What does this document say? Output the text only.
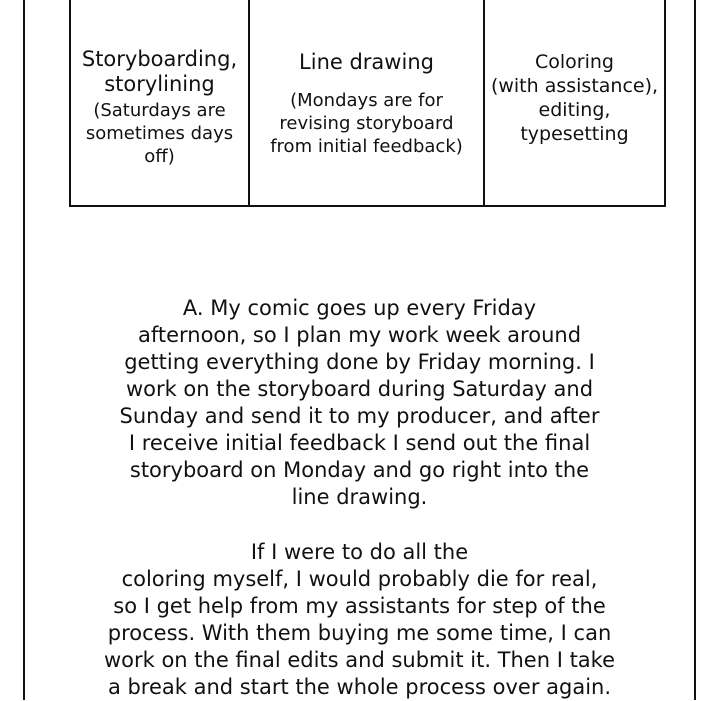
Storyboarding,
storylining
(Saturdays are
sometimes days
off)
Line drawing
(Mondays are for
revising storyboard
from initial feedback)
Coloring
(with assistance),
editing,
typesetting
A. My comic goes up every Friday
afternoon, so I plan my work week around
getting everything done by Friday morning. I
work on the storyboard during Saturday and
Sunday and send it to my producer, and after
I receive initial feedback I send out the final
storyboard on Monday and go right into the
line drawing.
If I were to do all the
coloring myself, I would probably die for real,
so I get help from my assistants for step of the
process. With them buying me some time, I can
work on the final edits and submit it. Then I take
a break and start the whole process over again.
